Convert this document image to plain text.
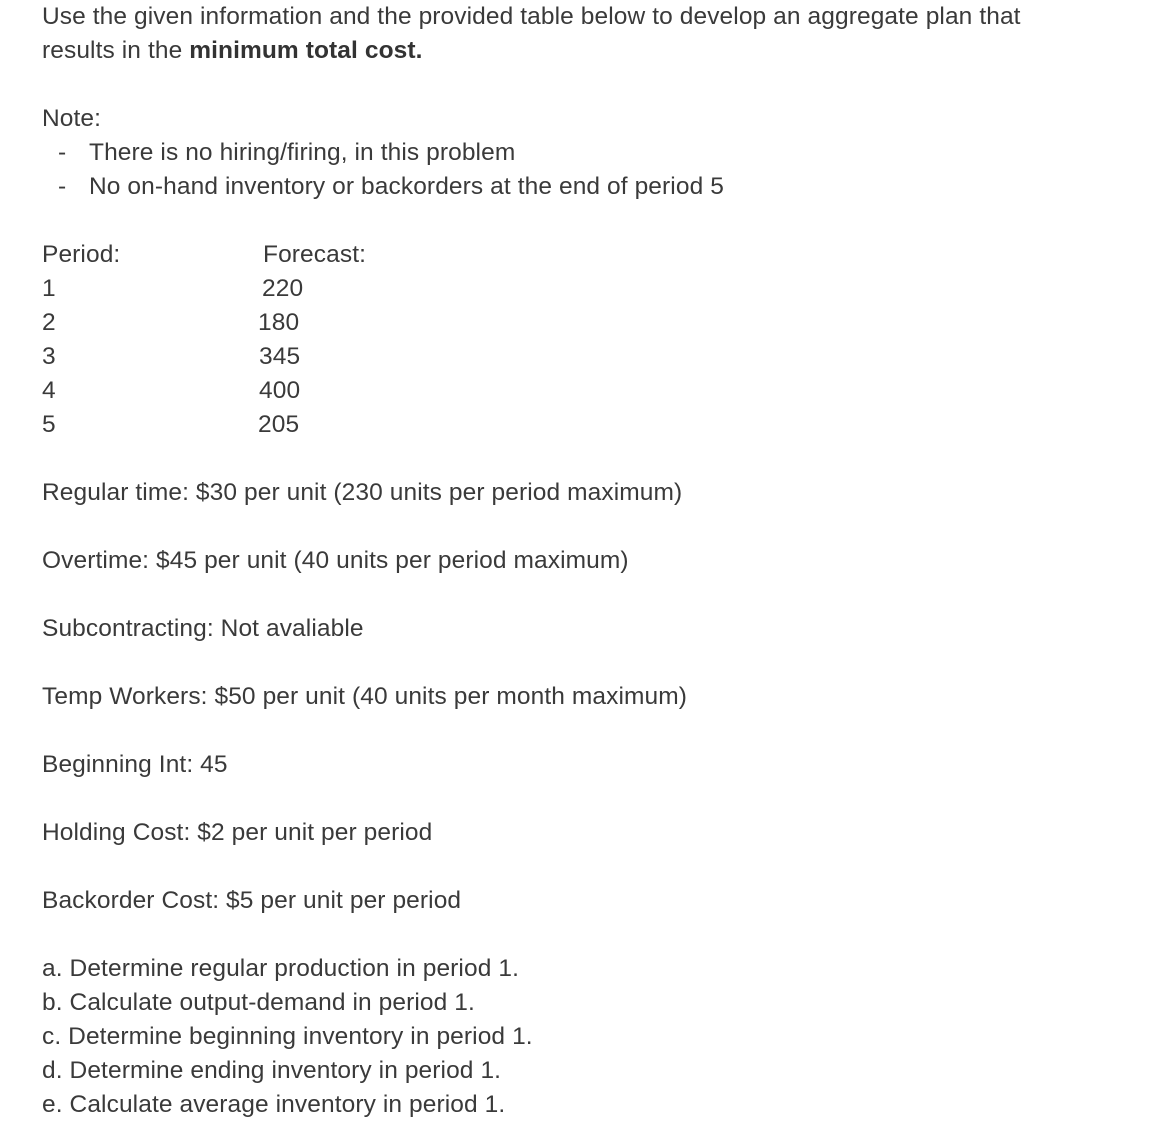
Use the given information and the provided table below to develop an aggregate plan that
results in the minimum total cost.
Note:
- There is no hiring/firing, in this problem
- No on-hand inventory or backorders at the end of period 5
Period:	Forecast:
1	220
2	180
3	345
4	400
5	205
Regular time: $30 per unit (230 units per period maximum)
Overtime: $45 per unit (40 units per period maximum)
Subcontracting: Not avaliable
Temp Workers: $50 per unit (40 units per month maximum)
Beginning Int: 45
Holding Cost: $2 per unit per period
Backorder Cost: $5 per unit per period
a. Determine regular production in period 1.
b. Calculate output-demand in period 1.
c. Determine beginning inventory in period 1.
d. Determine ending inventory in period 1.
e. Calculate average inventory in period 1.
